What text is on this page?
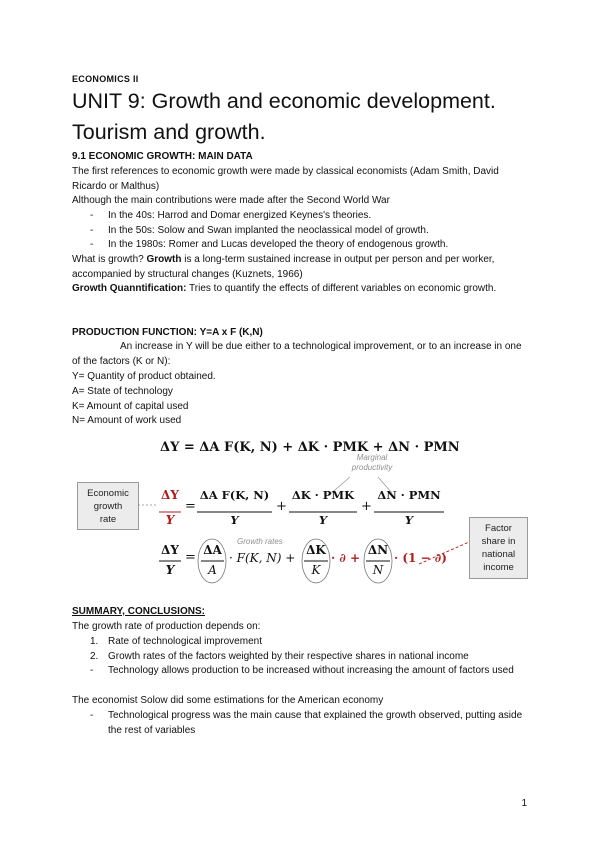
ECONOMICS II
UNIT 9: Growth and economic development. Tourism and growth.
9.1 ECONOMIC GROWTH: MAIN DATA
The first references to economic growth were made by classical economists (Adam Smith, David Ricardo or Malthus)
Although the main contributions were made after the Second World War
- In the 40s: Harrod and Domar energized Keynes's theories.
- In the 50s: Solow and Swan implanted the neoclassical model of growth.
- In the 1980s: Romer and Lucas developed the theory of endogenous growth.
What is growth? Growth is a long-term sustained increase in output per person and per worker, accompanied by structural changes (Kuznets, 1966)
Growth Quanntification: Tries to quantify the effects of different variables on economic growth.
PRODUCTION FUNCTION: Y=A x F (K,N)
An increase in Y will be due either to a technological improvement, or to an increase in one of the factors (K or N):
Y= Quantity of product obtained.
A= State of technology
K= Amount of capital used
N= Amount of work used
ΔY = ΔA F(K, N) + ΔK · PMK + ΔN · PMN
Economic
growth
rate
Factor
share in
national
income
Marginal
productivity
ΔY
Y
=
ΔA F(K, N)
Y
+
ΔK · PMK
Y
+
ΔN · PMN
Y
Growth rates
ΔY
Y
= ΔA
A
· F(K, N) +
ΔK
K
· ∂ +
ΔN
N
· (1 − ∂)
SUMMARY, CONCLUSIONS:
The growth rate of production depends on:
1. Rate of technological improvement
2. Growth rates of the factors weighted by their respective shares in national income
- Technology allows production to be increased without increasing the amount of factors used
The economist Solow did some estimations for the American economy
- Technological progress was the main cause that explained the growth observed, putting aside the rest of variables
1
